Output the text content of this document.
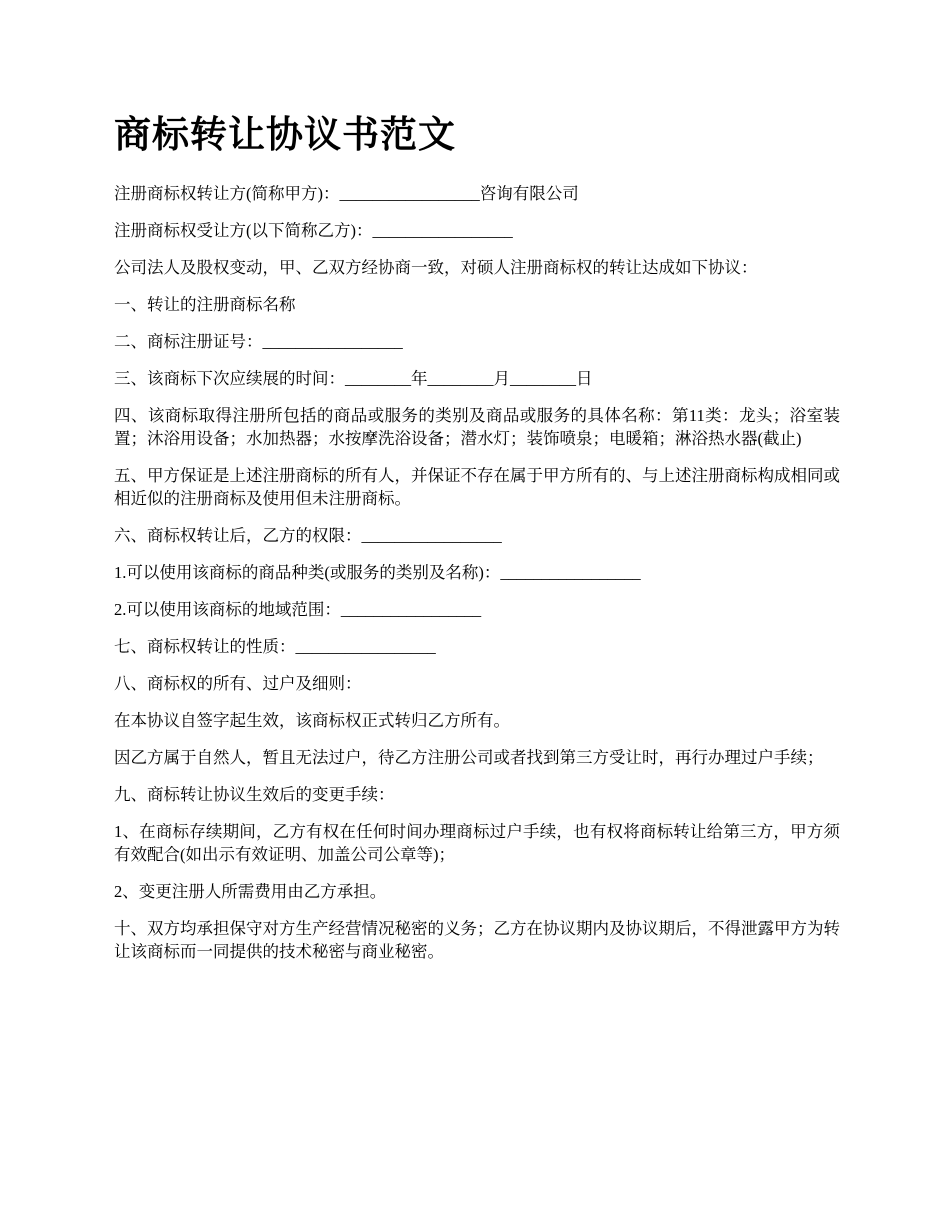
商标转让协议书范文

注册商标权转让方(简称甲方)：_________________咨询有限公司

注册商标权受让方(以下简称乙方)：_________________

公司法人及股权变动，甲、乙双方经协商一致，对硕人注册商标权的转让达成如下协议：

一、转让的注册商标名称

二、商标注册证号：_________________

三、该商标下次应续展的时间：________年________月________日

四、该商标取得注册所包括的商品或服务的类别及商品或服务的具体名称：第11类：龙头；浴室装置；沐浴用设备；水加热器；水按摩洗浴设备；潜水灯；装饰喷泉；电暖箱；淋浴热水器(截止)

五、甲方保证是上述注册商标的所有人，并保证不存在属于甲方所有的、与上述注册商标构成相同或相近似的注册商标及使用但未注册商标。

六、商标权转让后，乙方的权限：_________________

1.可以使用该商标的商品种类(或服务的类别及名称)：_________________

2.可以使用该商标的地域范围：_________________

七、商标权转让的性质：_________________

八、商标权的所有、过户及细则：

在本协议自签字起生效，该商标权正式转归乙方所有。

因乙方属于自然人，暂且无法过户，待乙方注册公司或者找到第三方受让时，再行办理过户手续；

九、商标转让协议生效后的变更手续：

1、在商标存续期间，乙方有权在任何时间办理商标过户手续，也有权将商标转让给第三方，甲方须有效配合(如出示有效证明、加盖公司公章等)；

2、变更注册人所需费用由乙方承担。

十、双方均承担保守对方生产经营情况秘密的义务；乙方在协议期内及协议期后，不得泄露甲方为转让该商标而一同提供的技术秘密与商业秘密。
